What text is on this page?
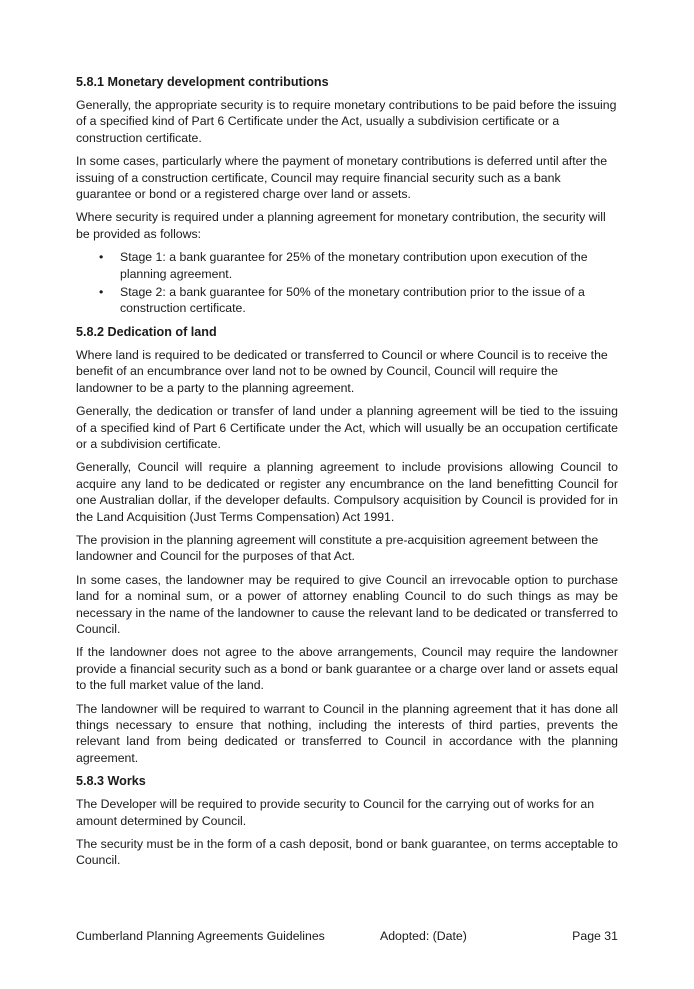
5.8.1 Monetary development contributions

Generally, the appropriate security is to require monetary contributions to be paid before the issuing of a specified kind of Part 6 Certificate under the Act, usually a subdivision certificate or a construction certificate.

In some cases, particularly where the payment of monetary contributions is deferred until after the issuing of a construction certificate, Council may require financial security such as a bank guarantee or bond or a registered charge over land or assets.

Where security is required under a planning agreement for monetary contribution, the security will be provided as follows:

• Stage 1: a bank guarantee for 25% of the monetary contribution upon execution of the planning agreement.
• Stage 2: a bank guarantee for 50% of the monetary contribution prior to the issue of a construction certificate.
5.8.2 Dedication of land

Where land is required to be dedicated or transferred to Council or where Council is to receive the benefit of an encumbrance over land not to be owned by Council, Council will require the landowner to be a party to the planning agreement.

Generally, the dedication or transfer of land under a planning agreement will be tied to the issuing of a specified kind of Part 6 Certificate under the Act, which will usually be an occupation certificate or a subdivision certificate.

Generally, Council will require a planning agreement to include provisions allowing Council to acquire any land to be dedicated or register any encumbrance on the land benefitting Council for one Australian dollar, if the developer defaults. Compulsory acquisition by Council is provided for in the Land Acquisition (Just Terms Compensation) Act 1991.

The provision in the planning agreement will constitute a pre-acquisition agreement between the landowner and Council for the purposes of that Act.

In some cases, the landowner may be required to give Council an irrevocable option to purchase land for a nominal sum, or a power of attorney enabling Council to do such things as may be necessary in the name of the landowner to cause the relevant land to be dedicated or transferred to Council.

If the landowner does not agree to the above arrangements, Council may require the landowner provide a financial security such as a bond or bank guarantee or a charge over land or assets equal to the full market value of the land.

The landowner will be required to warrant to Council in the planning agreement that it has done all things necessary to ensure that nothing, including the interests of third parties, prevents the relevant land from being dedicated or transferred to Council in accordance with the planning agreement.

5.8.3 Works

The Developer will be required to provide security to Council for the carrying out of works for an amount determined by Council.

The security must be in the form of a cash deposit, bond or bank guarantee, on terms acceptable to Council.

Cumberland Planning Agreements Guidelines	Adopted: (Date)	Page 31
